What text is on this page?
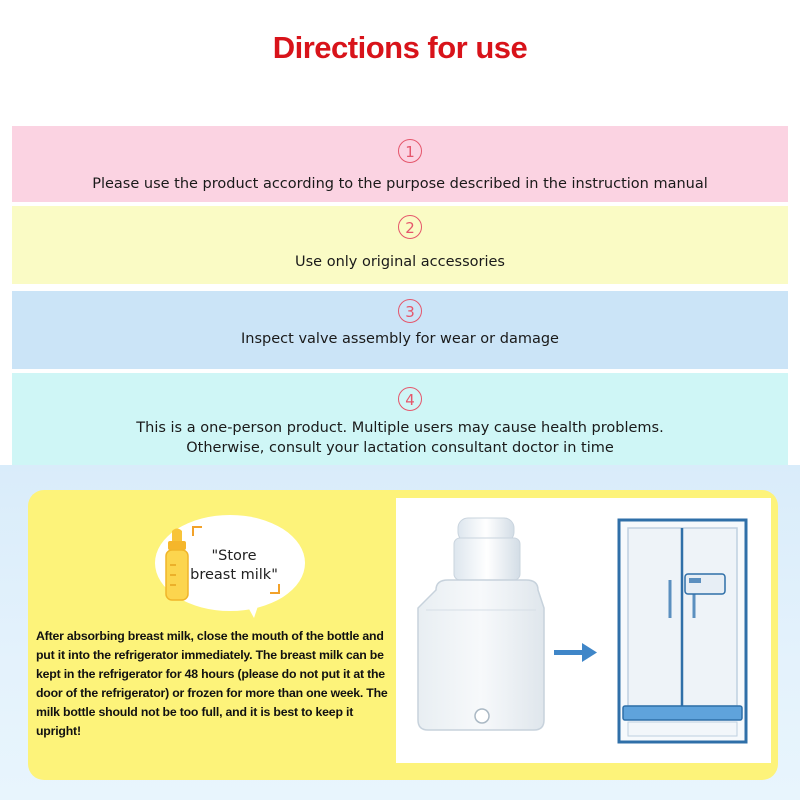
Directions for use
1
Please use the product according to the purpose described in the instruction manual
2
Use only original accessories
3
Inspect valve assembly for wear or damage
4
This is a one-person product. Multiple users may cause health problems.
Otherwise, consult your lactation consultant doctor in time
"Store
breast milk"
After absorbing breast milk, close the mouth of the bottle and put it into the refrigerator immediately. The breast milk can be kept in the refrigerator for 48 hours (please do not put it at the door of the refrigerator) or frozen for more than one week. The milk bottle should not be too full, and it is best to keep it upright!
